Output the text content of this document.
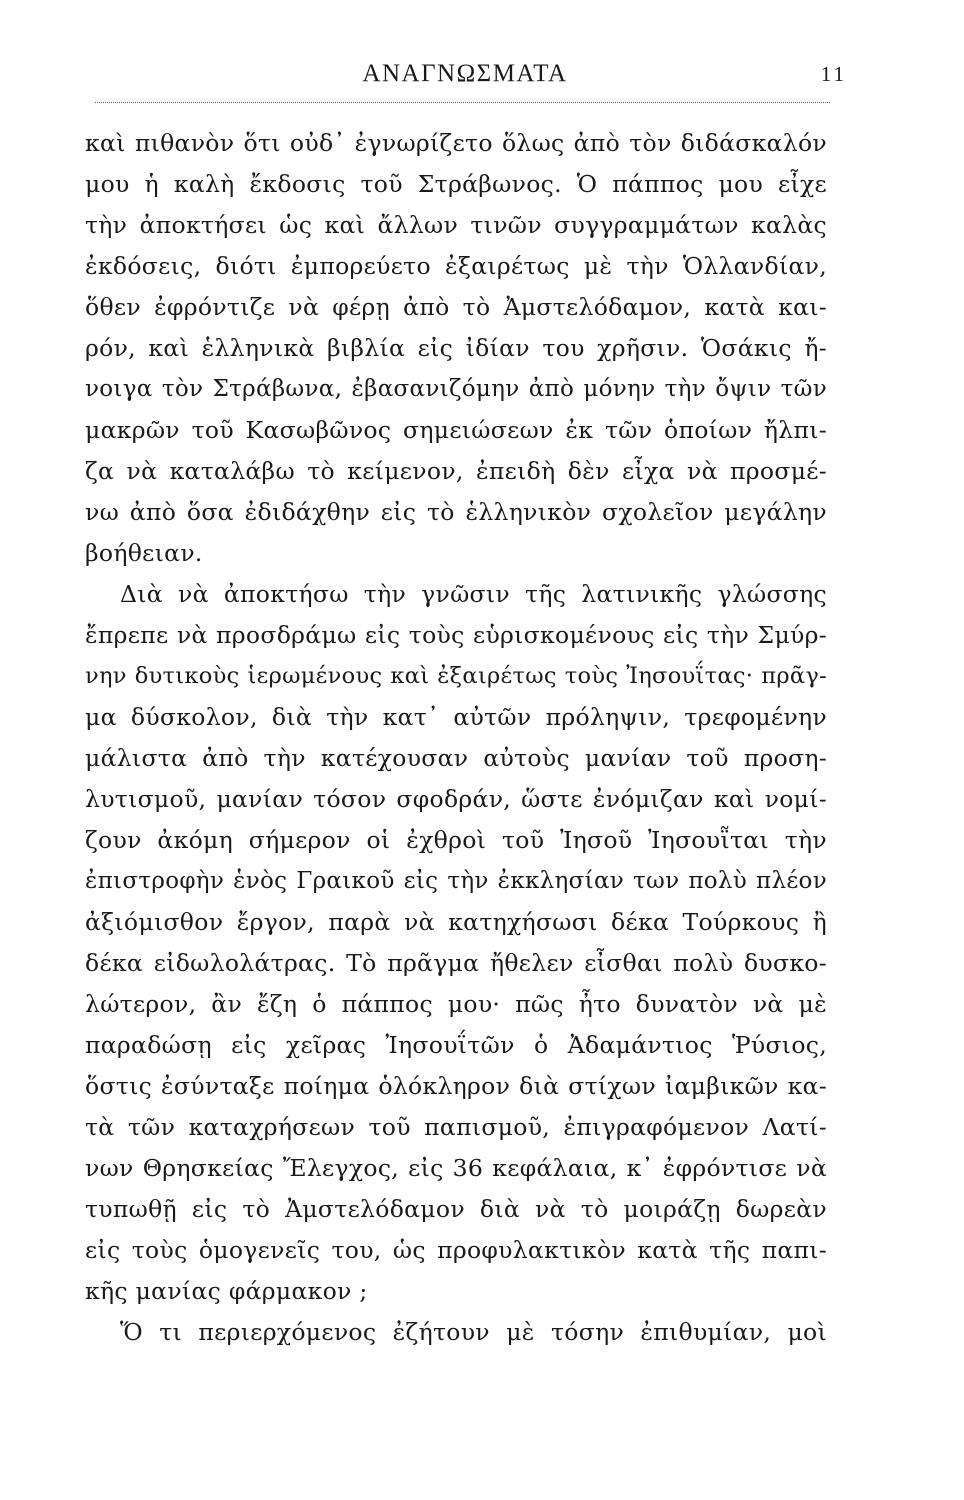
ΑΝΑΓΝΩΣΜΑΤΑ	11
καὶ πιθανὸν ὅτι οὐδ᾽ ἐγνωρίζετο ὅλως ἀπὸ τὸν διδάσκαλόν
μου ἡ καλὴ ἔκδοσις τοῦ Στράβωνος. Ὁ πάππος μου εἶχε
τὴν ἀποκτήσει ὡς καὶ ἄλλων τινῶν συγγραμμάτων καλὰς
ἐκδόσεις, διότι ἐμπορεύετο ἐξαιρέτως μὲ τὴν Ὁλλανδίαν,
ὅθεν ἐφρόντιζε νὰ φέρῃ ἀπὸ τὸ Ἀμστελόδαμον, κατὰ και-
ρόν, καὶ ἑλληνικὰ βιβλία εἰς ἰδίαν του χρῆσιν. Ὁσάκις ἤ-
νοιγα τὸν Στράβωνα, ἐβασανιζόμην ἀπὸ μόνην τὴν ὄψιν τῶν
μακρῶν τοῦ Κασωβῶνος σημειώσεων ἐκ τῶν ὁποίων ἤλπι-
ζα νὰ καταλάβω τὸ κείμενον, ἐπειδὴ δὲν εἶχα νὰ προσμέ-
νω ἀπὸ ὅσα ἐδιδάχθην εἰς τὸ ἑλληνικὸν σχολεῖον μεγάλην
βοήθειαν.
Διὰ νὰ ἀποκτήσω τὴν γνῶσιν τῆς λατινικῆς γλώσσης
ἔπρεπε νὰ προσδράμω εἰς τοὺς εὑρισκομένους εἰς τὴν Σμύρ-
νην δυτικοὺς ἱερωμένους καὶ ἐξαιρέτως τοὺς Ἰησουΐτας· πρᾶγ-
μα δύσκολον, διὰ τὴν κατ᾽ αὐτῶν πρόληψιν, τρεφομένην
μάλιστα ἀπὸ τὴν κατέχουσαν αὐτοὺς μανίαν τοῦ προση-
λυτισμοῦ, μανίαν τόσον σφοδράν, ὥστε ἐνόμιζαν καὶ νομί-
ζουν ἀκόμη σήμερον οἱ ἐχθροὶ τοῦ Ἰησοῦ Ἰησουῗται τὴν
ἐπιστροφὴν ἑνὸς Γραικοῦ εἰς τὴν ἐκκλησίαν των πολὺ πλέον
ἀξιόμισθον ἔργον, παρὰ νὰ κατηχήσωσι δέκα Τούρκους ἢ
δέκα εἰδωλολάτρας. Τὸ πρᾶγμα ἤθελεν εἶσθαι πολὺ δυσκο-
λώτερον, ἂν ἔζη ὁ πάππος μου· πῶς ἦτο δυνατὸν νὰ μὲ
παραδώσῃ εἰς χεῖρας Ἰησουΐτῶν ὁ Ἀδαμάντιος Ῥύσιος,
ὅστις ἐσύνταξε ποίημα ὁλόκληρον διὰ στίχων ἰαμβικῶν κα-
τὰ τῶν καταχρήσεων τοῦ παπισμοῦ, ἐπιγραφόμενον Λατί-
νων Θρησκείας Ἔλεγχος, εἰς 36 κεφάλαια, κ᾽ ἐφρόντισε νὰ
τυπωθῇ εἰς τὸ Ἀμστελόδαμον διὰ νὰ τὸ μοιράζῃ δωρεὰν
εἰς τοὺς ὁμογενεῖς του, ὡς προφυλακτικὸν κατὰ τῆς παπι-
κῆς μανίας φάρμακον ;
Ὅ τι περιερχόμενος ἐζήτουν μὲ τόσην ἐπιθυμίαν, μοὶ
